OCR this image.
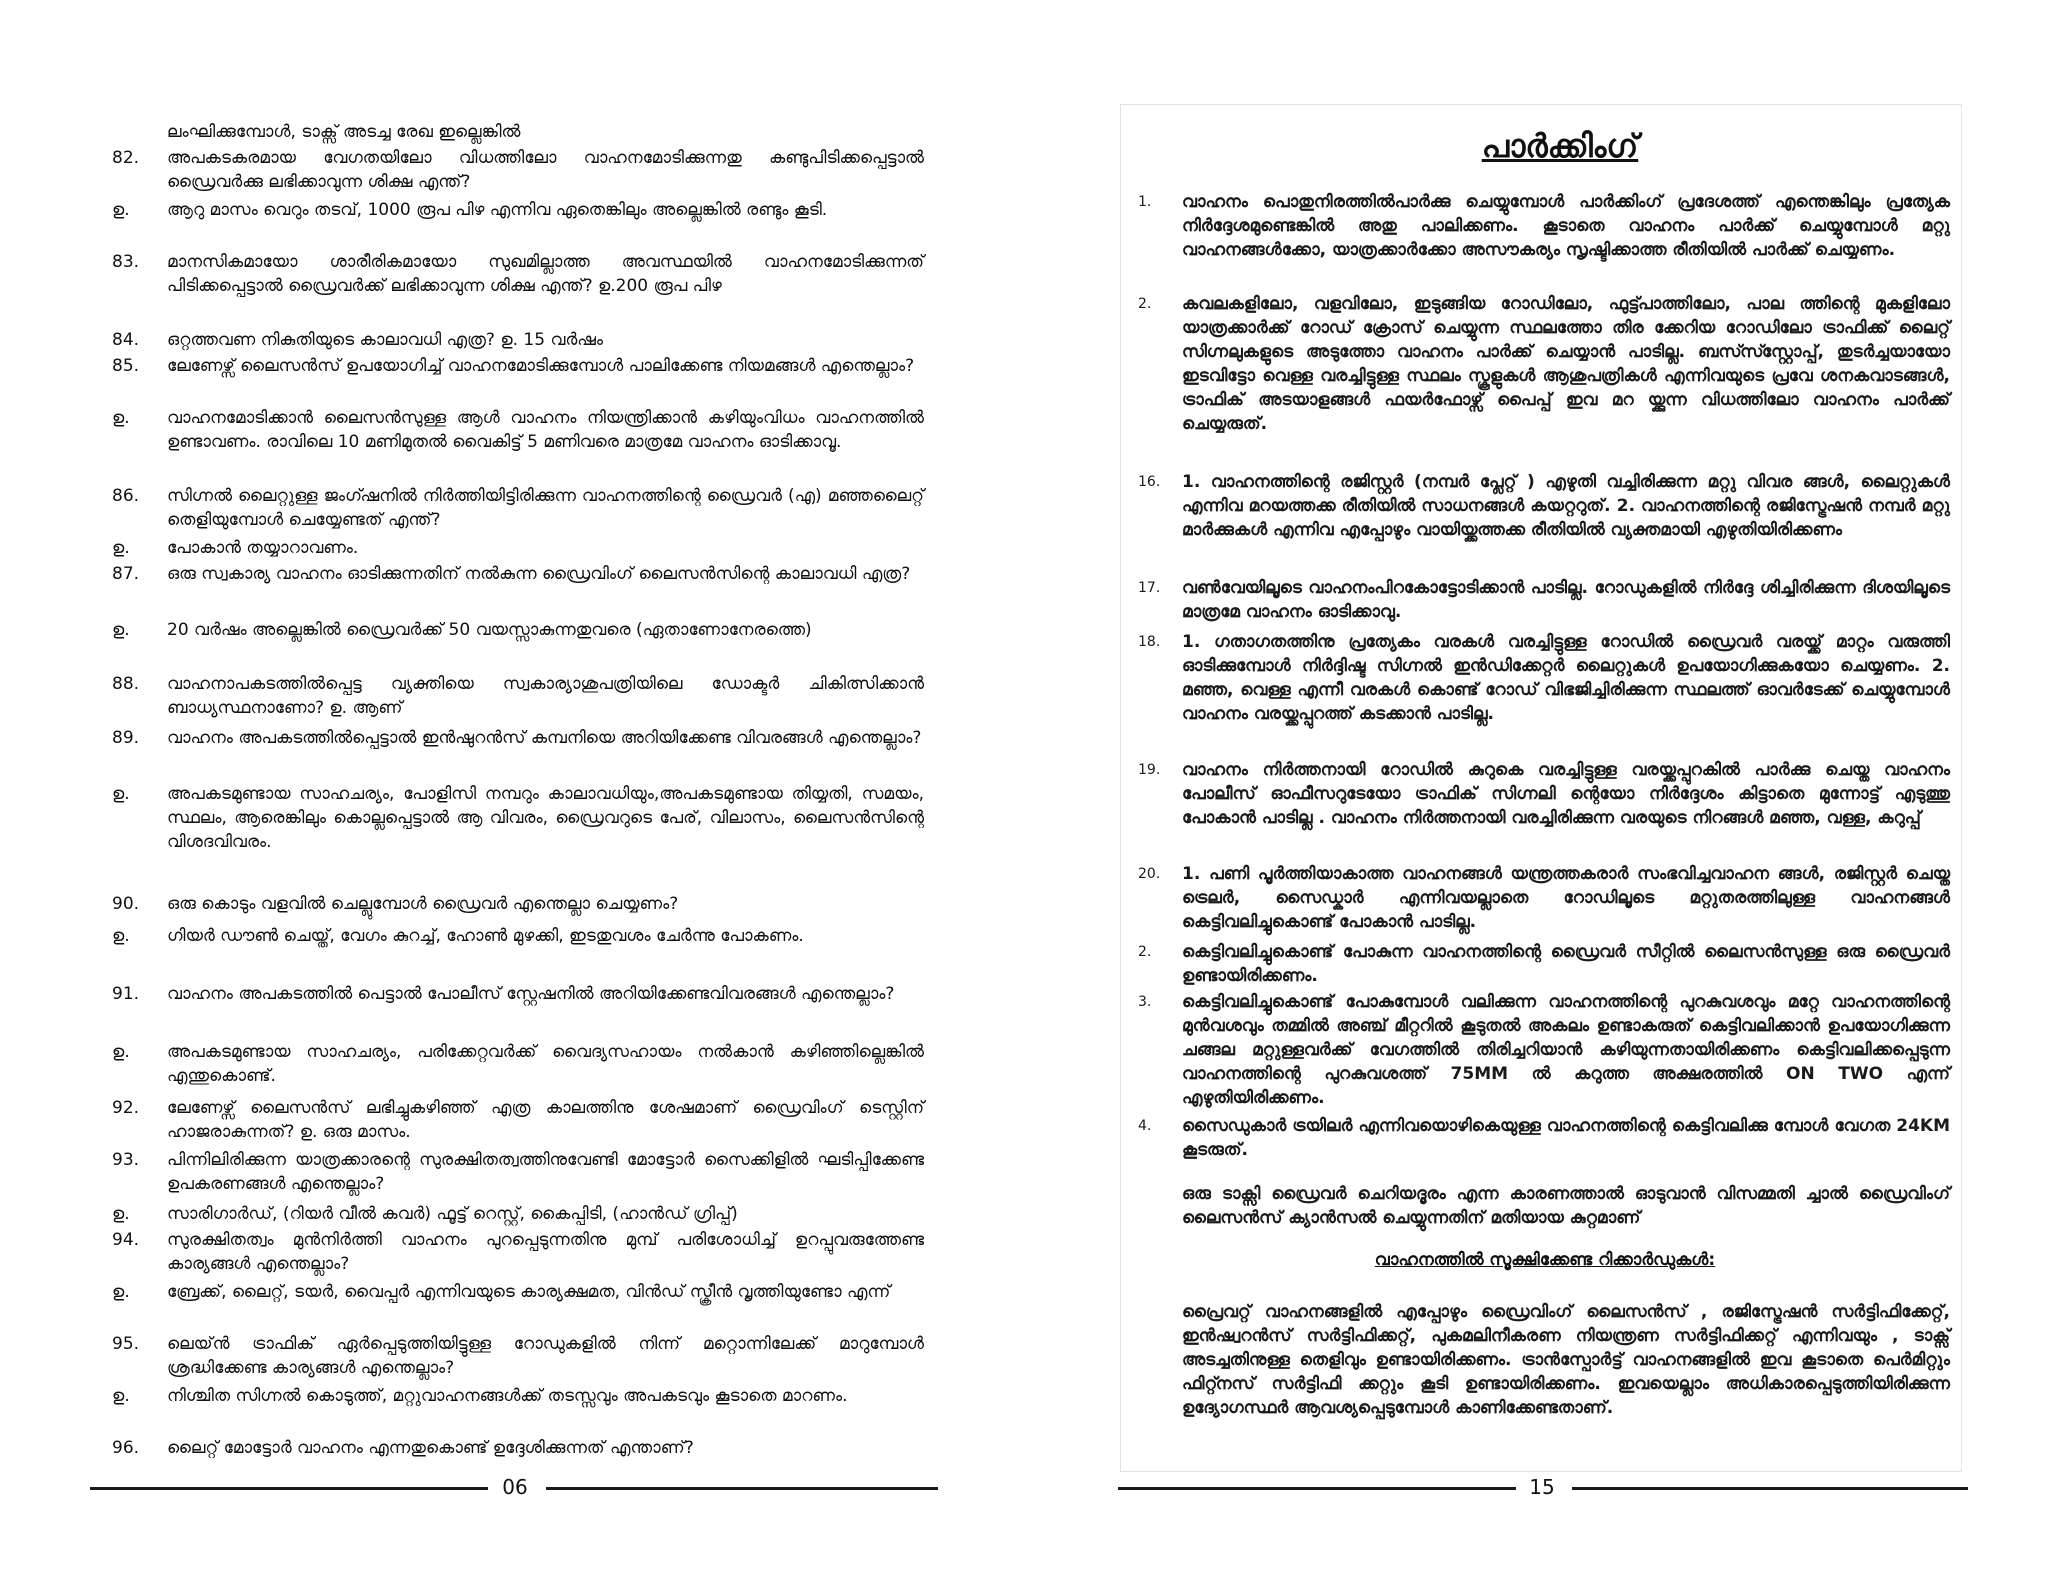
ലംഘിക്കുമ്പോൾ, ടാക്സ് അടച്ച രേഖ ഇല്ലെങ്കിൽ
82.	അപകടകരമായ വേഗതയിലോ വിധത്തിലോ വാഹനമോടിക്കുന്നതു കണ്ടുപിടിക്കപ്പെട്ടാൽ ഡ്രൈവർക്കു ലഭിക്കാവുന്ന ശിക്ഷ എന്ത്?
ഉ.	ആറു മാസം വെറും തടവ്, 1000 രൂപ പിഴ എന്നിവ ഏതെങ്കിലും അല്ലെങ്കിൽ രണ്ടും കൂടി.
83.	മാനസികമായോ ശാരീരികമായോ സുഖമില്ലാത്ത അവസ്ഥയിൽ വാഹനമോടിക്കുന്നത് പിടിക്കപ്പെട്ടാൽ ഡ്രൈവർക്ക് ലഭിക്കാവുന്ന ശിക്ഷ എന്ത്? ഉ.200 രൂപ പിഴ
84.	ഒറ്റത്തവണ നികുതിയുടെ കാലാവധി എത്ര? ഉ. 15 വർഷം
85.	ലേണേഴ്സ് ലൈസൻസ് ഉപയോഗിച്ച് വാഹനമോടിക്കുമ്പോൾ പാലിക്കേണ്ട നിയമങ്ങൾ എന്തെല്ലാം?
ഉ.	വാഹനമോടിക്കാൻ ലൈസൻസുള്ള ആൾ വാഹനം നിയന്ത്രിക്കാൻ കഴിയുംവിധം വാഹനത്തിൽ ഉണ്ടാവണം. രാവിലെ 10 മണിമുതൽ വൈകിട്ട് 5 മണിവരെ മാത്രമേ വാഹനം ഓടിക്കാവൂ.
86.	സിഗ്നൽ ലൈറ്റുള്ള ജംഗ്ഷനിൽ നിർത്തിയിട്ടിരിക്കുന്ന വാഹനത്തിന്റെ ഡ്രൈവർ (എ) മഞ്ഞലൈറ്റ് തെളിയുമ്പോൾ ചെയ്യേണ്ടത് എന്ത്?
ഉ.	പോകാൻ തയ്യാറാവണം.
87.	ഒരു സ്വകാര്യ വാഹനം ഓടിക്കുന്നതിന് നൽകുന്ന ഡ്രൈവിംഗ് ലൈസൻസിന്റെ കാലാവധി എത്ര?
ഉ.	20 വർഷം അല്ലെങ്കിൽ ഡ്രൈവർക്ക് 50 വയസ്സാകുന്നതുവരെ (ഏതാണോനേരത്തെ)
88.	വാഹനാപകടത്തിൽപ്പെട്ട വ്യക്തിയെ സ്വകാര്യാശുപത്രിയിലെ ഡോക്ടർ ചികിത്സിക്കാൻ ബാധ്യസ്ഥനാണോ? ഉ. ആണ്
89.	വാഹനം അപകടത്തിൽപ്പെട്ടാൽ ഇൻഷുറൻസ് കമ്പനിയെ അറിയിക്കേണ്ട വിവരങ്ങൾ എന്തെല്ലാം?
ഉ.	അപകടമുണ്ടായ സാഹചര്യം, പോളിസി നമ്പറും കാലാവധിയും,അപകടമുണ്ടായ തിയ്യതി, സമയം, സ്ഥലം, ആരെങ്കിലും കൊല്ലപ്പെട്ടാൽ ആ വിവരം, ഡ്രൈവറുടെ പേര്, വിലാസം, ലൈസൻസിന്റെ വിശദവിവരം.
90.	ഒരു കൊടും വളവിൽ ചെല്ലുമ്പോൾ ഡ്രൈവർ എന്തെല്ലാ ചെയ്യണം?
ഉ.	ഗിയർ ഡൗൺ ചെയ്ത്, വേഗം കുറച്ച്, ഹോൺ മുഴക്കി, ഇടതുവശം ചേർന്നു പോകണം.
91.	വാഹനം അപകടത്തിൽ പെട്ടാൽ പോലീസ് സ്റ്റേഷനിൽ അറിയിക്കേണ്ടവിവരങ്ങൾ എന്തെല്ലാം?
ഉ.	അപകടമുണ്ടായ സാഹചര്യം, പരിക്കേറ്റവർക്ക് വൈദ്യസഹായം നൽകാൻ കഴിഞ്ഞില്ലെങ്കിൽ എന്തുകൊണ്ട്.
92.	ലേണേഴ്സ് ലൈസൻസ് ലഭിച്ചുകഴിഞ്ഞ് എത്ര കാലത്തിനു ശേഷമാണ് ഡ്രൈവിംഗ് ടെസ്റ്റിന് ഹാജരാകുന്നത്? ഉ. ഒരു മാസം.
93.	പിന്നിലിരിക്കുന്ന യാത്രക്കാരന്റെ സുരക്ഷിതത്വത്തിനുവേണ്ടി മോട്ടോർ സൈക്കിളിൽ ഘടിപ്പിക്കേണ്ട ഉപകരണങ്ങൾ എന്തെല്ലാം?
ഉ.	സാരിഗാർഡ്, (റിയർ വീൽ കവർ) ഫൂട്ട് റെസ്റ്റ്, കൈപ്പിടി, (ഹാൻഡ് ഗ്രിപ്പ്)
94.	സുരക്ഷിതത്വം മുൻനിർത്തി വാഹനം പുറപ്പെടുന്നതിനു മുമ്പ് പരിശോധിച്ച് ഉറപ്പുവരുത്തേണ്ട കാര്യങ്ങൾ എന്തെല്ലാം?
ഉ.	ബ്രേക്ക്, ലൈറ്റ്, ടയർ, വൈപ്പർ എന്നിവയുടെ കാര്യക്ഷമത, വിൻഡ് സ്ക്രീൻ വൃത്തിയുണ്ടോ എന്ന്
95.	ലെയ്ൻ ട്രാഫിക് ഏർപ്പെടുത്തിയിട്ടുള്ള റോഡുകളിൽ നിന്ന് മറ്റൊന്നിലേക്ക് മാറുമ്പോൾ ശ്രദ്ധിക്കേണ്ട കാര്യങ്ങൾ എന്തെല്ലാം?
ഉ.	നിശ്ചിത സിഗ്നൽ കൊടുത്ത്, മറ്റുവാഹനങ്ങൾക്ക് തടസ്സവും അപകടവും കൂടാതെ മാറണം.
96.	ലൈറ്റ് മോട്ടോർ വാഹനം എന്നതുകൊണ്ട് ഉദ്ദേശിക്കുന്നത് എന്താണ്?
06
പാർക്കിംഗ്
1.	വാഹനം പൊതുനിരത്തിൽപാർക്കു ചെയ്യുമ്പോൾ പാർക്കിംഗ് പ്രദേശത്ത് എന്തെങ്കിലും പ്രത്യേക നിർദ്ദേശമുണ്ടെങ്കിൽ അതു പാലിക്കണം. കൂടാതെ വാഹനം പാർക്ക് ചെയ്യുമ്പോൾ മറ്റു വാഹനങ്ങൾക്കോ, യാത്രക്കാർക്കോ അസൗകര്യം സൃഷ്ടിക്കാത്ത രീതിയിൽ പാർക്ക് ചെയ്യണം.
2.	കവലകളിലോ, വളവിലോ, ഇടുങ്ങിയ റോഡിലോ, ഫുട്ട്പാത്തിലോ, പാല ത്തിന്റെ മുകളിലോ യാത്രക്കാർക്ക് റോഡ് ക്രോസ് ചെയ്യുന്ന സ്ഥലത്തോ തിര ക്കേറിയ റോഡിലോ ട്രാഫിക്ക് ലൈറ്റ് സിഗ്നലുകളുടെ അടുത്തോ വാഹനം പാർക്ക് ചെയ്യാൻ പാടില്ല. ബസ്സ്സ്റ്റോപ്പ്, തുടർച്ചയായോ ഇടവിട്ടോ വെള്ള വരച്ചിട്ടുള്ള സ്ഥലം സ്കൂളുകൾ ആശുപത്രികൾ എന്നിവയുടെ പ്രവേ ശനകവാടങ്ങൾ, ട്രാഫിക് അടയാളങ്ങൾ ഫയർഫോഴ്സ് പൈപ്പ് ഇവ മറ യ്ക്കുന്ന വിധത്തിലോ വാഹനം പാർക്ക് ചെയ്യരുത്.
16.	1. വാഹനത്തിന്റെ രജിസ്റ്റർ (നമ്പർ പ്ലേറ്റ് ) എഴുതി വച്ചിരിക്കുന്ന മറ്റു വിവര ങ്ങൾ, ലൈറ്റുകൾ എന്നിവ മറയത്തക്ക രീതിയിൽ സാധനങ്ങൾ കയറ്ററുത്. 2. വാഹനത്തിന്റെ രജിസ്ട്രേഷൻ നമ്പർ മറ്റു മാർക്കുകൾ എന്നിവ എപ്പോഴും വായിയ്ക്കത്തക്ക രീതിയിൽ വ്യക്തമായി എഴുതിയിരിക്കണം
17.	വൺവേയിലൂടെ വാഹനംപിറകോട്ടോടിക്കാൻ പാടില്ല. റോഡുകളിൽ നിർദ്ദേ ശിച്ചിരിക്കുന്ന ദിശയിലൂടെ മാത്രമേ വാഹനം ഓടിക്കാവു.
18.	1. ഗതാഗതത്തിനു പ്രത്യേകം വരകൾ വരച്ചിട്ടുള്ള റോഡിൽ ഡ്രൈവർ വരയ്ക്ക് മാറ്റം വരുത്തി ഓടിക്കുമ്പോൾ നിർദ്ദിഷ്ട സിഗ്നൽ ഇൻഡിക്കേറ്റർ ലൈറ്റുകൾ ഉപയോഗിക്കുകയോ ചെയ്യണം. 2. മഞ്ഞ, വെള്ള എന്നീ വരകൾ കൊണ്ട് റോഡ് വിഭജിച്ചിരിക്കുന്ന സ്ഥലത്ത് ഓവർടേക്ക് ചെയ്യുമ്പോൾ വാഹനം വരയ്ക്കപ്പുറത്ത് കടക്കാൻ പാടില്ല.
19.	വാഹനം നിർത്തനായി റോഡിൽ കുറുകെ വരച്ചിട്ടുള്ള വരയ്ക്കപ്പുറകിൽ പാർക്കു ചെയ്ത വാഹനം പോലീസ് ഓഫീസറുടേയോ ട്രാഫിക് സിഗ്നലി ന്റെയോ നിർദ്ദേശം കിട്ടാതെ മുന്നോട്ട് എടുത്തു പോകാൻ പാടില്ല . വാഹനം നിർത്തനായി വരച്ചിരിക്കുന്ന വരയുടെ നിറങ്ങൾ മഞ്ഞ, വള്ള, കറുപ്പ്
20.	1. പണി പൂർത്തിയാകാത്ത വാഹനങ്ങൾ യന്ത്രത്തകരാർ സംഭവിച്ചവാഹന ങ്ങൾ, രജിസ്റ്റർ ചെയ്ത ട്രെലർ, സൈഡ്കാർ എന്നിവയല്ലാതെ റോഡിലൂടെ മറ്റുതരത്തിലുള്ള വാഹനങ്ങൾ കെട്ടിവലിച്ചുകൊണ്ട് പോകാൻ പാടില്ല.
2.	കെട്ടിവലിച്ചുകൊണ്ട് പോകുന്ന വാഹനത്തിന്റെ ഡ്രൈവർ സീറ്റിൽ ലൈസൻസുള്ള ഒരു ഡ്രൈവർ ഉണ്ടായിരിക്കണം.
3.	കെട്ടിവലിച്ചുകൊണ്ട് പോകുമ്പോൾ വലിക്കുന്ന വാഹനത്തിന്റെ പുറകുവശവും മറ്റേ വാഹനത്തിന്റെ മുൻവശവും തമ്മിൽ അഞ്ച് മീറ്ററിൽ കൂടുതൽ അകലം ഉണ്ടാകരുത് കെട്ടിവലിക്കാൻ ഉപയോഗിക്കുന്ന ചങ്ങല മറ്റുള്ളവർക്ക് വേഗത്തിൽ തിരിച്ചറിയാൻ കഴിയുന്നതായിരിക്കണം കെട്ടിവലിക്കപ്പെടുന്ന വാഹനത്തിന്റെ പുറകുവശത്ത് 75MM ൽ കറുത്ത അക്ഷരത്തിൽ ON TWO എന്ന് എഴുതിയിരിക്കണം.
4.	സൈഡുകാർ ട്രയിലർ എന്നിവയൊഴികെയുള്ള വാഹനത്തിന്റെ കെട്ടിവലിക്കു മ്പോൾ വേഗത 24KM കൂടരുത്.
ഒരു ടാക്സി ഡ്രൈവർ ചെറിയദൂരം എന്ന കാരണത്താൽ ഓടുവാൻ വിസമ്മതി ച്ചാൽ ഡ്രൈവിംഗ് ലൈസൻസ് ക്യാൻസൽ ചെയ്യുന്നതിന് മതിയായ കുറ്റമാണ്
വാഹനത്തിൽ സൂക്ഷിക്കേണ്ട റിക്കാർഡുകൾ:
പ്രൈവറ്റ് വാഹനങ്ങളിൽ എപ്പോഴും ഡ്രൈവിംഗ് ലൈസൻസ് , രജിസ്ട്രേഷൻ സർട്ടിഫിക്കേറ്റ്, ഇൻഷ്വറൻസ് സർട്ടിഫിക്കറ്റ്, പുകമലിനീകരണ നിയന്ത്രണ സർട്ടിഫിക്കറ്റ് എന്നിവയും , ടാക്സ് അടച്ചതിനുള്ള തെളിവും ഉണ്ടായിരിക്കണം. ട്രാൻസ്പോർട്ട് വാഹനങ്ങളിൽ ഇവ കൂടാതെ പെർമിറ്റും ഫിറ്റ്നസ് സർട്ടിഫി ക്കറ്റും കൂടി ഉണ്ടായിരിക്കണം. ഇവയെല്ലാം അധികാരപ്പെടുത്തിയിരിക്കുന്ന ഉദ്യോഗസ്ഥർ ആവശ്യപ്പെടുമ്പോൾ കാണിക്കേണ്ടതാണ്.
15
